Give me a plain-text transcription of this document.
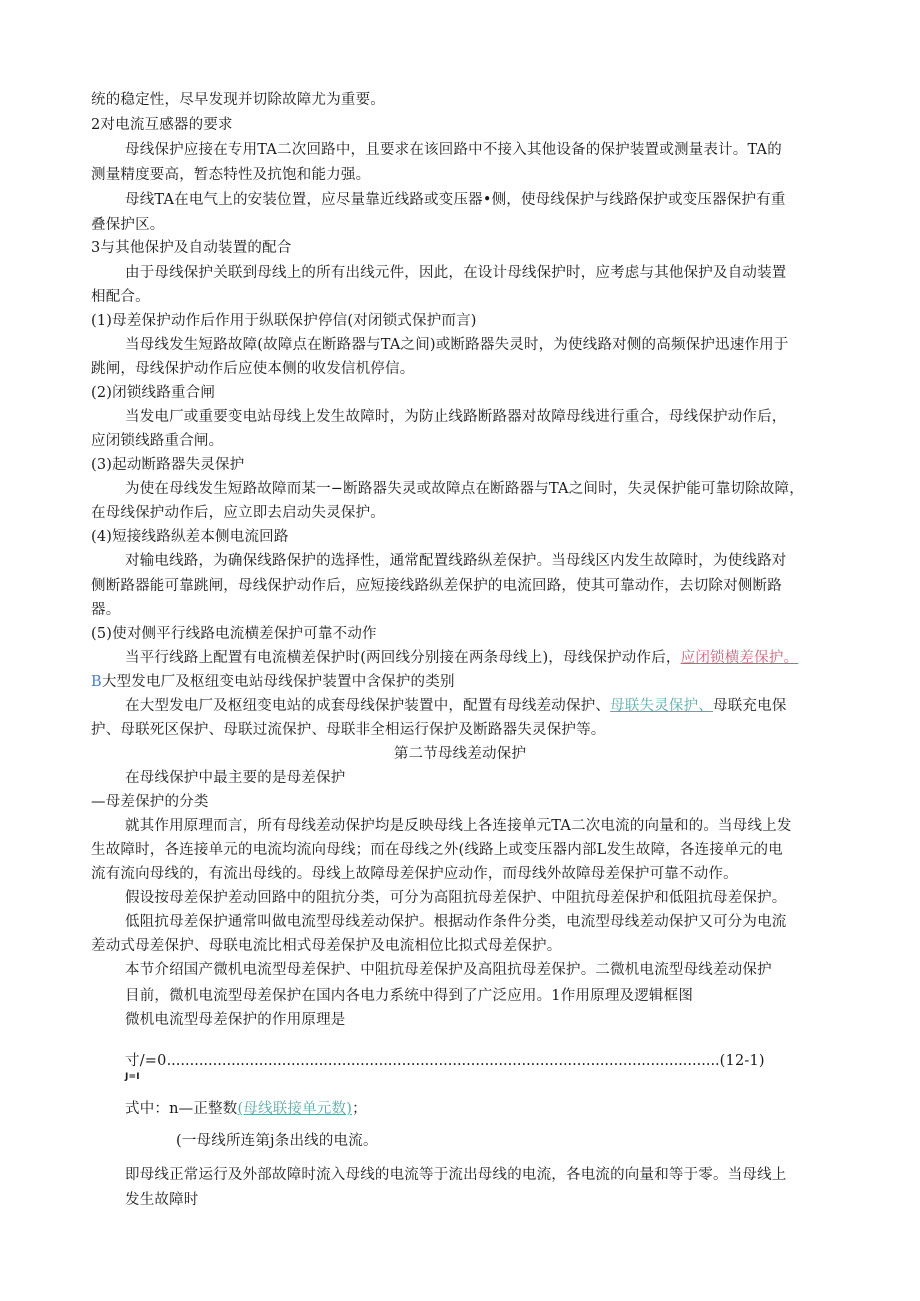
统的稳定性，尽早发现并切除故障尤为重要。
2对电流互感器的要求
母线保护应接在专用TA二次回路中，且要求在该回路中不接入其他设备的保护装置或测量表计。TA的
测量精度要高，暂态特性及抗饱和能力强。
母线TA在电气上的安装位置，应尽量靠近线路或变压器•侧，使母线保护与线路保护或变压器保护有重
叠保护区。
3与其他保护及自动装置的配合
由于母线保护关联到母线上的所有出线元件，因此，在设计母线保护时，应考虑与其他保护及自动装置
相配合。
(1)母差保护动作后作用于纵联保护停信(对闭锁式保护而言)
当母线发生短路故障(故障点在断路器与TA之间)或断路器失灵时，为使线路对侧的高频保护迅速作用于
跳闸，母线保护动作后应使本侧的收发信机停信。
(2)闭锁线路重合闸
当发电厂或重要变电站母线上发生故障时，为防止线路断路器对故障母线进行重合，母线保护动作后，
应闭锁线路重合闸。
(3)起动断路器失灵保护
为使在母线发生短路故障而某一−断路器失灵或故障点在断路器与TA之间时，失灵保护能可靠切除故障，
在母线保护动作后，应立即去启动失灵保护。
(4)短接线路纵差本侧电流回路
对输电线路，为确保线路保护的选择性，通常配置线路纵差保护。当母线区内发生故障时，为使线路对
侧断路器能可靠跳闸，母线保护动作后，应短接线路纵差保护的电流回路，使其可靠动作，去切除对侧断路
器。
(5)使对侧平行线路电流横差保护可靠不动作
当平行线路上配置有电流横差保护时(两回线分别接在两条母线上)，母线保护动作后，应闭锁横差保护。
B大型发电厂及枢纽变电站母线保护装置中含保护的类别
在大型发电厂及枢纽变电站的成套母线保护装置中，配置有母线差动保护、母联失灵保护、母联充电保
护、母联死区保护、母联过流保护、母联非全相运行保护及断路器失灵保护等。
第二节母线差动保护
在母线保护中最主要的是母差保护
—母差保护的分类
就其作用原理而言，所有母线差动保护均是反映母线上各连接单元TA二次电流的向量和的。当母线上发
生故障时，各连接单元的电流均流向母线；而在母线之外(线路上或变压器内部L发生故障，各连接单元的电
流有流向母线的，有流出母线的。母线上故障母差保护应动作，而母线外故障母差保护可靠不动作。
假设按母差保护差动回路中的阻抗分类，可分为高阻抗母差保护、中阻抗母差保护和低阻抗母差保护。
低阻抗母差保护通常叫做电流型母线差动保护。根据动作条件分类，电流型母线差动保护又可分为电流
差动式母差保护、母联电流比相式母差保护及电流相位比拟式母差保护。
本节介绍国产微机电流型母差保护、中阻抗母差保护及高阻抗母差保护。二微机电流型母线差动保护
目前，微机电流型母差保护在国内各电力系统中得到了广泛应用。1作用原理及逻辑框图
微机电流型母差保护的作用原理是
寸/=0........................................................................................................................(12-1)
J=I
式中：n—正整数(母线联接单元数)；
(一母线所连第j条出线的电流。
即母线正常运行及外部故障时流入母线的电流等于流出母线的电流，各电流的向量和等于零。当母线上
发生故障时
